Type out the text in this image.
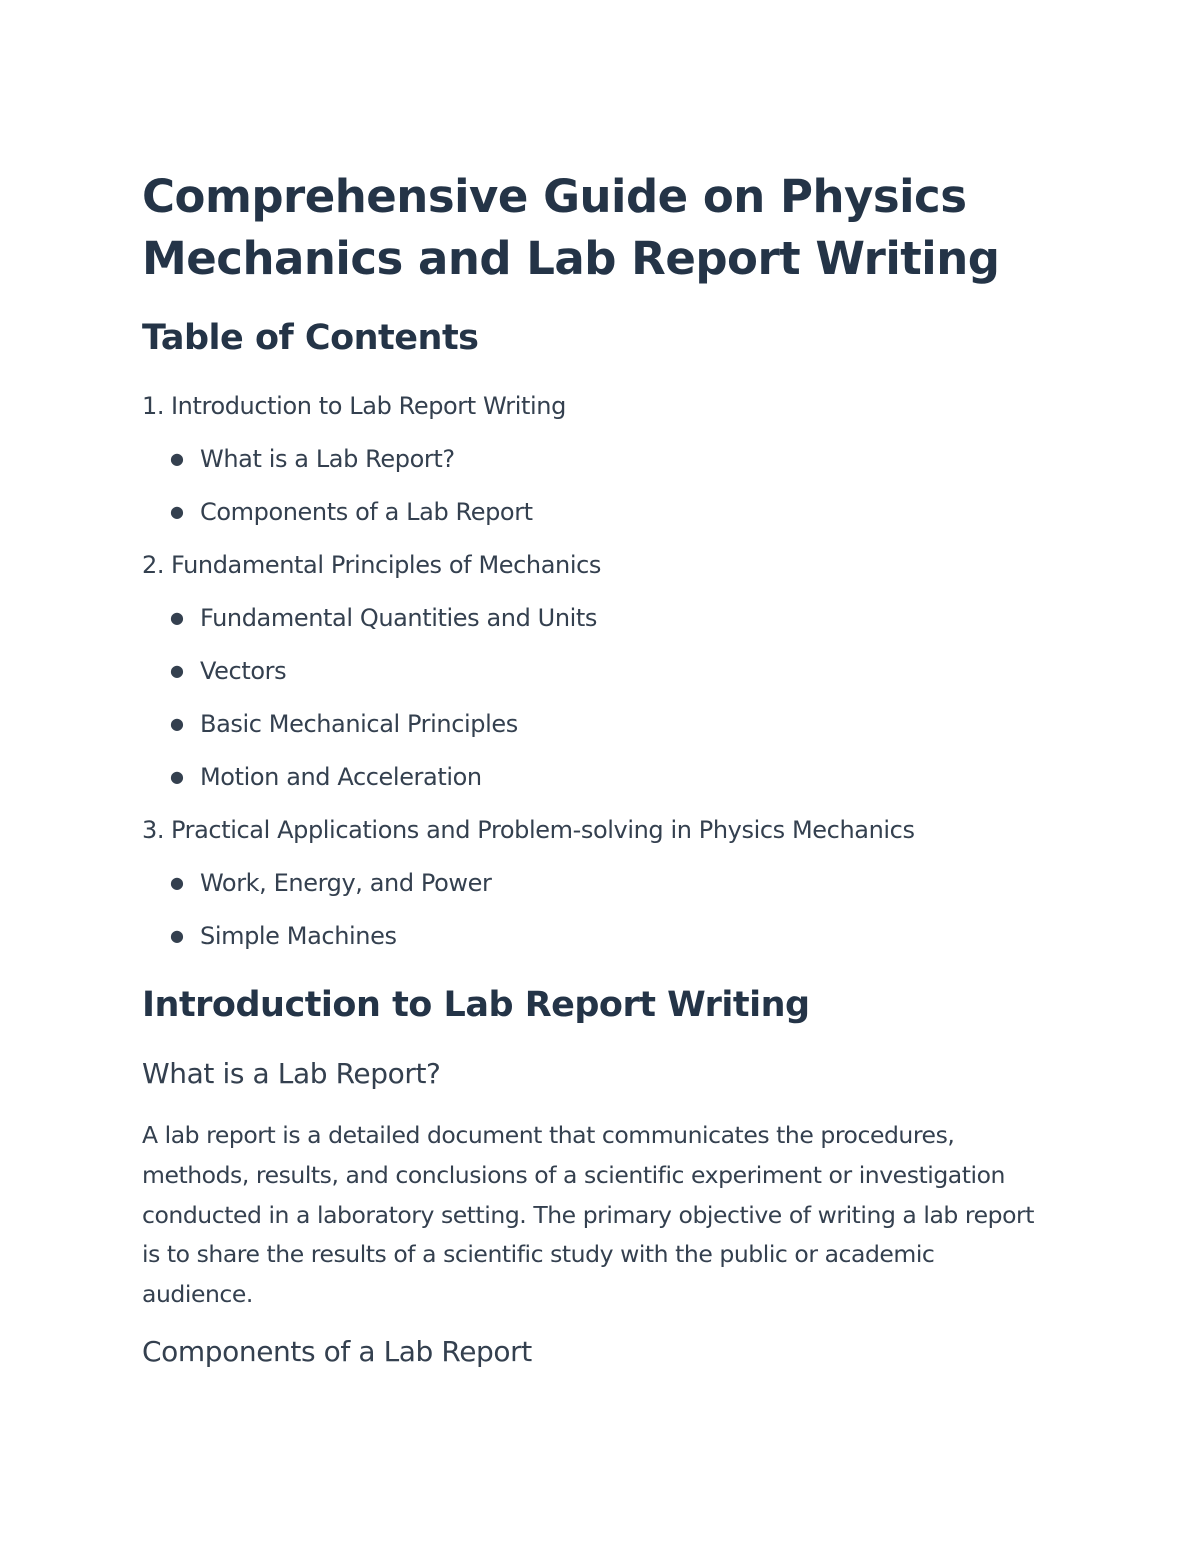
Comprehensive Guide on Physics Mechanics and Lab Report Writing
Table of Contents
1. Introduction to Lab Report Writing
● What is a Lab Report?
● Components of a Lab Report
2. Fundamental Principles of Mechanics
● Fundamental Quantities and Units
● Vectors
● Basic Mechanical Principles
● Motion and Acceleration
3. Practical Applications and Problem-solving in Physics Mechanics
● Work, Energy, and Power
● Simple Machines
Introduction to Lab Report Writing
What is a Lab Report?

A lab report is a detailed document that communicates the procedures, methods, results, and conclusions of a scientific experiment or investigation conducted in a laboratory setting. The primary objective of writing a lab report is to share the results of a scientific study with the public or academic audience.

Components of a Lab Report
